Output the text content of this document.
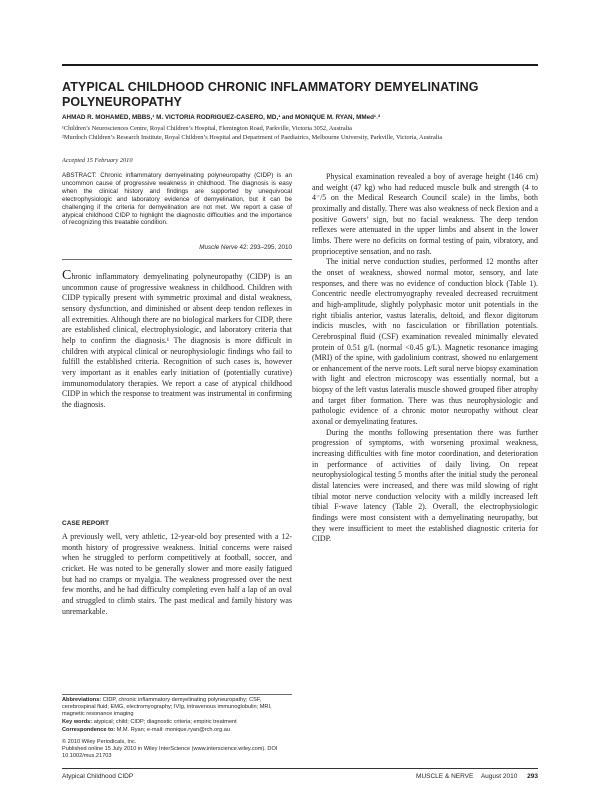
ATYPICAL CHILDHOOD CHRONIC INFLAMMATORY DEMYELINATING POLYNEUROPATHY
AHMAD R. MOHAMED, MBBS,¹ M. VICTORIA RODRIGUEZ-CASERO, MD,¹ and MONIQUE M. RYAN, MMed¹˒²
¹Children’s Neurosciences Centre, Royal Children’s Hospital, Flemington Road, Parkville, Victoria 3052, Australia
²Murdoch Children’s Research Institute, Royal Children’s Hospital and Department of Paediatrics, Melbourne University, Parkville, Victoria, Australia
Accepted 15 February 2010

ABSTRACT: Chronic inflammatory demyelinating polyneuropathy (CIDP) is an uncommon cause of progressive weakness in childhood. The diagnosis is easy when the clinical history and findings are supported by unequivocal electrophysiologic and laboratory evidence of demyelination, but it can be challenging if the criteria for demyelination are not met. We report a case of atypical childhood CIDP to highlight the diagnostic difficulties and the importance of recognizing this treatable condition.

Muscle Nerve 42: 293–295, 2010

Chronic inflammatory demyelinating polyneuropathy (CIDP) is an uncommon cause of progressive weakness in childhood. Children with CIDP typically present with symmetric proximal and distal weakness, sensory dysfunction, and diminished or absent deep tendon reflexes in all extremities. Although there are no biological markers for CIDP, there are established clinical, electrophysiologic, and laboratory criteria that help to confirm the diagnosis.¹ The diagnosis is more difficult in children with atypical clinical or neurophysiologic findings who fail to fulfill the established criteria. Recognition of such cases is, however very important as it enables early initiation of (potentially curative) immunomodulatory therapies. We report a case of atypical childhood CIDP in which the response to treatment was instrumental in confirming the diagnosis.

CASE REPORT

A previously well, very athletic, 12-year-old boy presented with a 12-month history of progressive weakness. Initial concerns were raised when he struggled to perform competitively at football, soccer, and cricket. He was noted to be generally slower and more easily fatigued but had no cramps or myalgia. The weakness progressed over the next few months, and he had difficulty completing even half a lap of an oval and struggled to climb stairs. The past medical and family history was unremarkable.

Abbreviations: CIDP, chronic inflammatory demyelinating polyneuropathy; CSF, cerebrospinal fluid; EMG, electromyography; IVIg, intravenous immunoglobulin; MRI, magnetic resonance imaging

Key words: atypical; child; CIDP; diagnostic criteria; empiric treatment

Correspondence to: M.M. Ryan; e-mail: monique.ryan@rch.org.au

© 2010 Wiley Periodicals, Inc.
Published online 15 July 2010 in Wiley InterScience (www.interscience.wiley.com). DOI 10.1002/mus.21703

Physical examination revealed a boy of average height (146 cm) and weight (47 kg) who had reduced muscle bulk and strength (4 to 4⁻/5 on the Medical Research Council scale) in the limbs, both proximally and distally. There was also weakness of neck flexion and a positive Gowers’ sign, but no facial weakness. The deep tendon reflexes were attenuated in the upper limbs and absent in the lower limbs. There were no deficits on formal testing of pain, vibratory, and proprioceptive sensation, and no rash.

The initial nerve conduction studies, performed 12 months after the onset of weakness, showed normal motor, sensory, and late responses, and there was no evidence of conduction block (Table 1). Concentric needle electromyography revealed decreased recruitment and high-amplitude, slightly polyphasic motor unit potentials in the right tibialis anterior, vastus lateralis, deltoid, and flexor digitorum indicis muscles, with no fasciculation or fibrillation potentials. Cerebrospinal fluid (CSF) examination revealed minimally elevated protein of 0.51 g/L (normal <0.45 g/L). Magnetic resonance imaging (MRI) of the spine, with gadolinium contrast, showed no enlargement or enhancement of the nerve roots. Left sural nerve biopsy examination with light and electron microscopy was essentially normal, but a biopsy of the left vastus lateralis muscle showed grouped fiber atrophy and target fiber formation. There was thus neurophysiologic and pathologic evidence of a chronic motor neuropathy without clear axonal or demyelinating features.

During the months following presentation there was further progression of symptoms, with worsening proximal weakness, increasing difficulties with fine motor coordination, and deterioration in performance of activities of daily living. On repeat neurophysiological testing 5 months after the initial study the peroneal distal latencies were increased, and there was mild slowing of right tibial motor nerve conduction velocity with a mildly increased left tibial F-wave latency (Table 2). Overall, the electrophysiologic findings were most consistent with a demyelinating neuropathy, but they were insufficient to meet the established diagnostic criteria for CIDP.

Atypical Childhood CIDP	MUSCLE & NERVE August 2010 293
